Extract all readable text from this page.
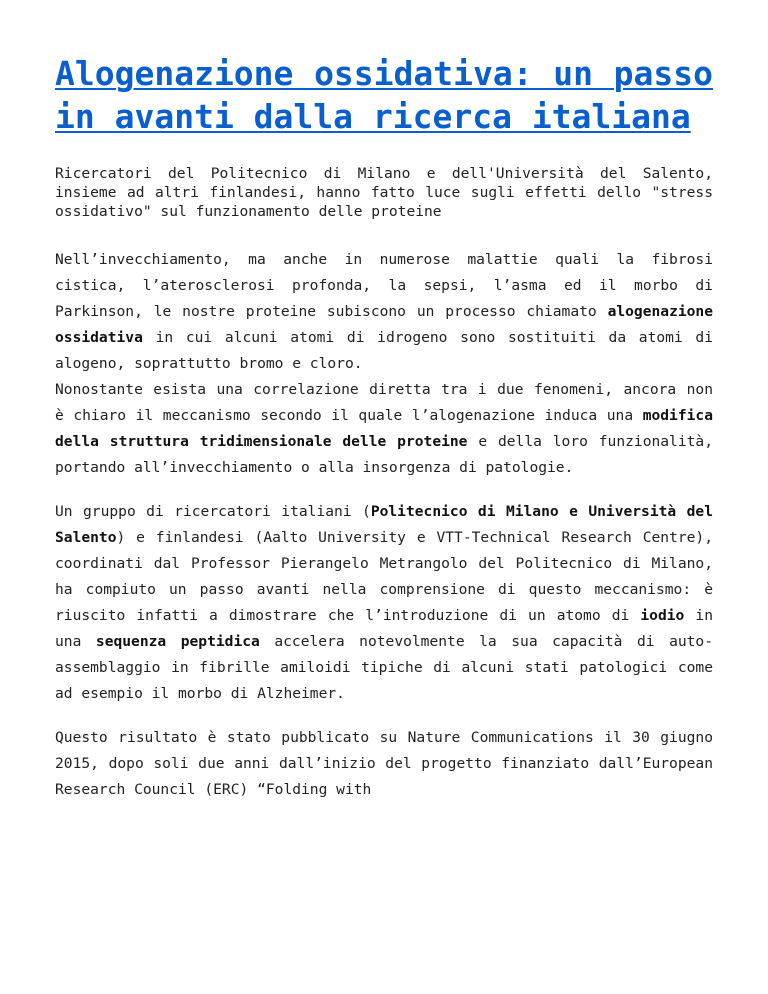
Alogenazione ossidativa: un passo in avanti dalla ricerca italiana

Ricercatori del Politecnico di Milano e dell'Università del Salento, insieme ad altri finlandesi, hanno fatto luce sugli effetti dello "stress ossidativo" sul funzionamento delle proteine

Nell’invecchiamento, ma anche in numerose malattie quali la fibrosi cistica, l’aterosclerosi profonda, la sepsi, l’asma ed il morbo di Parkinson, le nostre proteine subiscono un processo chiamato alogenazione ossidativa in cui alcuni atomi di idrogeno sono sostituiti da atomi di alogeno, soprattutto bromo e cloro.
Nonostante esista una correlazione diretta tra i due fenomeni, ancora non è chiaro il meccanismo secondo il quale l’alogenazione induca una modifica della struttura tridimensionale delle proteine e della loro funzionalità, portando all’invecchiamento o alla insorgenza di patologie.

Un gruppo di ricercatori italiani (Politecnico di Milano e Università del Salento) e finlandesi (Aalto University e VTT-Technical Research Centre), coordinati dal Professor Pierangelo Metrangolo del Politecnico di Milano, ha compiuto un passo avanti nella comprensione di questo meccanismo: è riuscito infatti a dimostrare che l’introduzione di un atomo di iodio in una sequenza peptidica accelera notevolmente la sua capacità di auto-assemblaggio in fibrille amiloidi tipiche di alcuni stati patologici come ad esempio il morbo di Alzheimer.

Questo risultato è stato pubblicato su Nature Communications il 30 giugno 2015, dopo soli due anni dall’inizio del progetto finanziato dall’European Research Council (ERC) “Folding with
